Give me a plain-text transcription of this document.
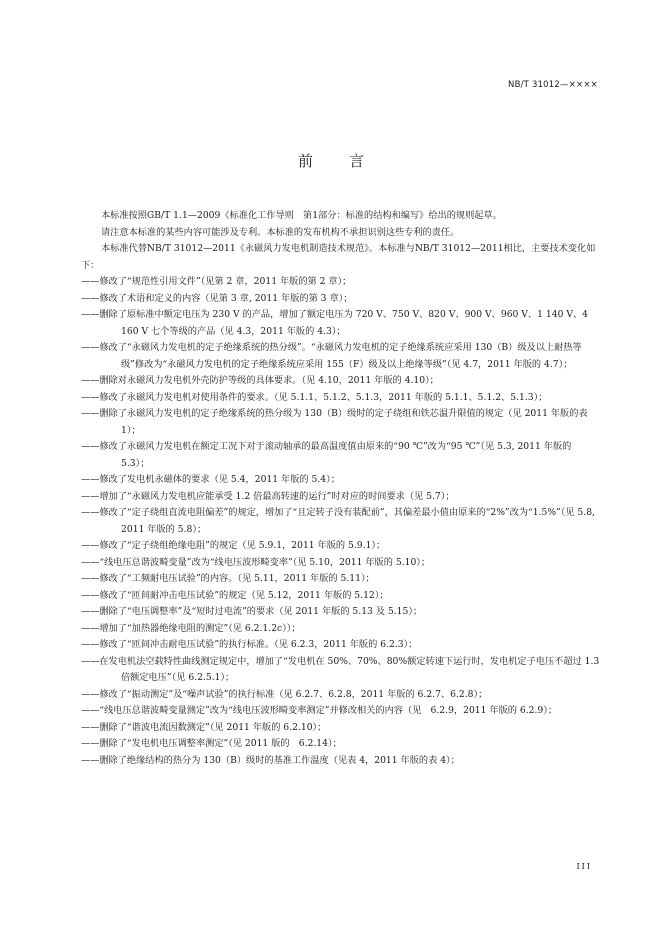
NB/T 31012—××××
前言

本标准按照GB/T 1.1—2009《标准化工作导则　第1部分：标准的结构和编写》给出的规则起草。

请注意本标准的某些内容可能涉及专利。本标准的发布机构不承担识别这些专利的责任。

本标准代替NB/T 31012—2011《永磁风力发电机制造技术规范》。本标准与NB/T 31012—2011相比，主要技术变化如下：

——修改了“规范性引用文件”（见第 2 章，2011 年版的第 2 章）；

——修改了术语和定义的内容（见第 3 章, 2011 年版的第 3 章）；

——删除了原标准中额定电压为 230 V 的产品，增加了额定电压为 720 V、750 V、820 V、900 V、960 V、1 140 V、4 160 V 七个等级的产品（见 4.3，2011 年版的 4.3）；

——修改了“永磁风力发电机的定子绝缘系统的热分级”。“永磁风力发电机的定子绝缘系统应采用 130（B）级及以上耐热等级”修改为“永磁风力发电机的定子绝缘系统应采用 155（F）级及以上绝缘等级”（见 4.7，2011 年版的 4.7）；

——删除对永磁风力发电机外壳防护等级的具体要求。（见 4.10，2011 年版的 4.10）；

——修改了永磁风力发电机对使用条件的要求。（见 5.1.1、5.1.2、5.1.3，2011 年版的 5.1.1、5.1.2、5.1.3）；

——删除了永磁风力发电机的定子绝缘系统的热分级为 130（B）级时的定子绕组和铁芯温升限值的规定（见 2011 年版的表 1）；

——修改了永磁风力发电机在额定工况下对于滚动轴承的最高温度值由原来的“90 ℃”改为“95 ℃”（见 5.3, 2011 年版的 5.3）；

——修改了发电机永磁体的要求（见 5.4，2011 年版的 5.4）；

——增加了“永磁风力发电机应能承受 1.2 倍最高转速的运行”时对应的时间要求（见 5.7）；

——修改了“定子绕组直流电阻偏差”的规定，增加了“且定转子没有装配前”，其偏差最小值由原来的“2%”改为“1.5%”（见 5.8, 2011 年版的 5.8）；

——修改了“定子绕组绝缘电阻”的规定（见 5.9.1，2011 年版的 5.9.1）；

——“线电压总谐波畸变量”改为“线电压波形畸变率”（见 5.10，2011 年版的 5.10）；

——修改了“工频耐电压试验”的内容。（见 5.11，2011 年版的 5.11）；

——修改了“匝间耐冲击电压试验”的规定（见 5.12，2011 年版的 5.12）；

——删除了“电压调整率”及“短时过电流”的要求（见 2011 年版的 5.13 及 5.15）；

——增加了“加热器绝缘电阻的测定”（见 6.2.1.2c））；

——修改了“匝间冲击耐电压试验”的执行标准。（见 6.2.3，2011 年版的 6.2.3）；

——在发电机法空载特性曲线测定规定中，增加了“发电机在 50%、70%、80%额定转速下运行时，发电机定子电压不超过 1.3 倍额定电压”（见 6.2.5.1）；

——修改了“振动测定”及“噪声试验”的执行标准（见 6.2.7、6.2.8，2011 年版的 6.2.7、6.2.8）；

——“线电压总谐波畸变量测定”改为“线电压波形畸变率测定”并修改相关的内容（见　6.2.9，2011 年版的 6.2.9）；

——删除了“谐波电流因数测定”（见 2011 年版的 6.2.10）；

——删除了“发电机电压调整率测定”（见 2011 版的　6.2.14）；

——删除了绝缘结构的热分为 130（B）级时的基准工作温度（见表 4，2011 年版的表 4）；

III
